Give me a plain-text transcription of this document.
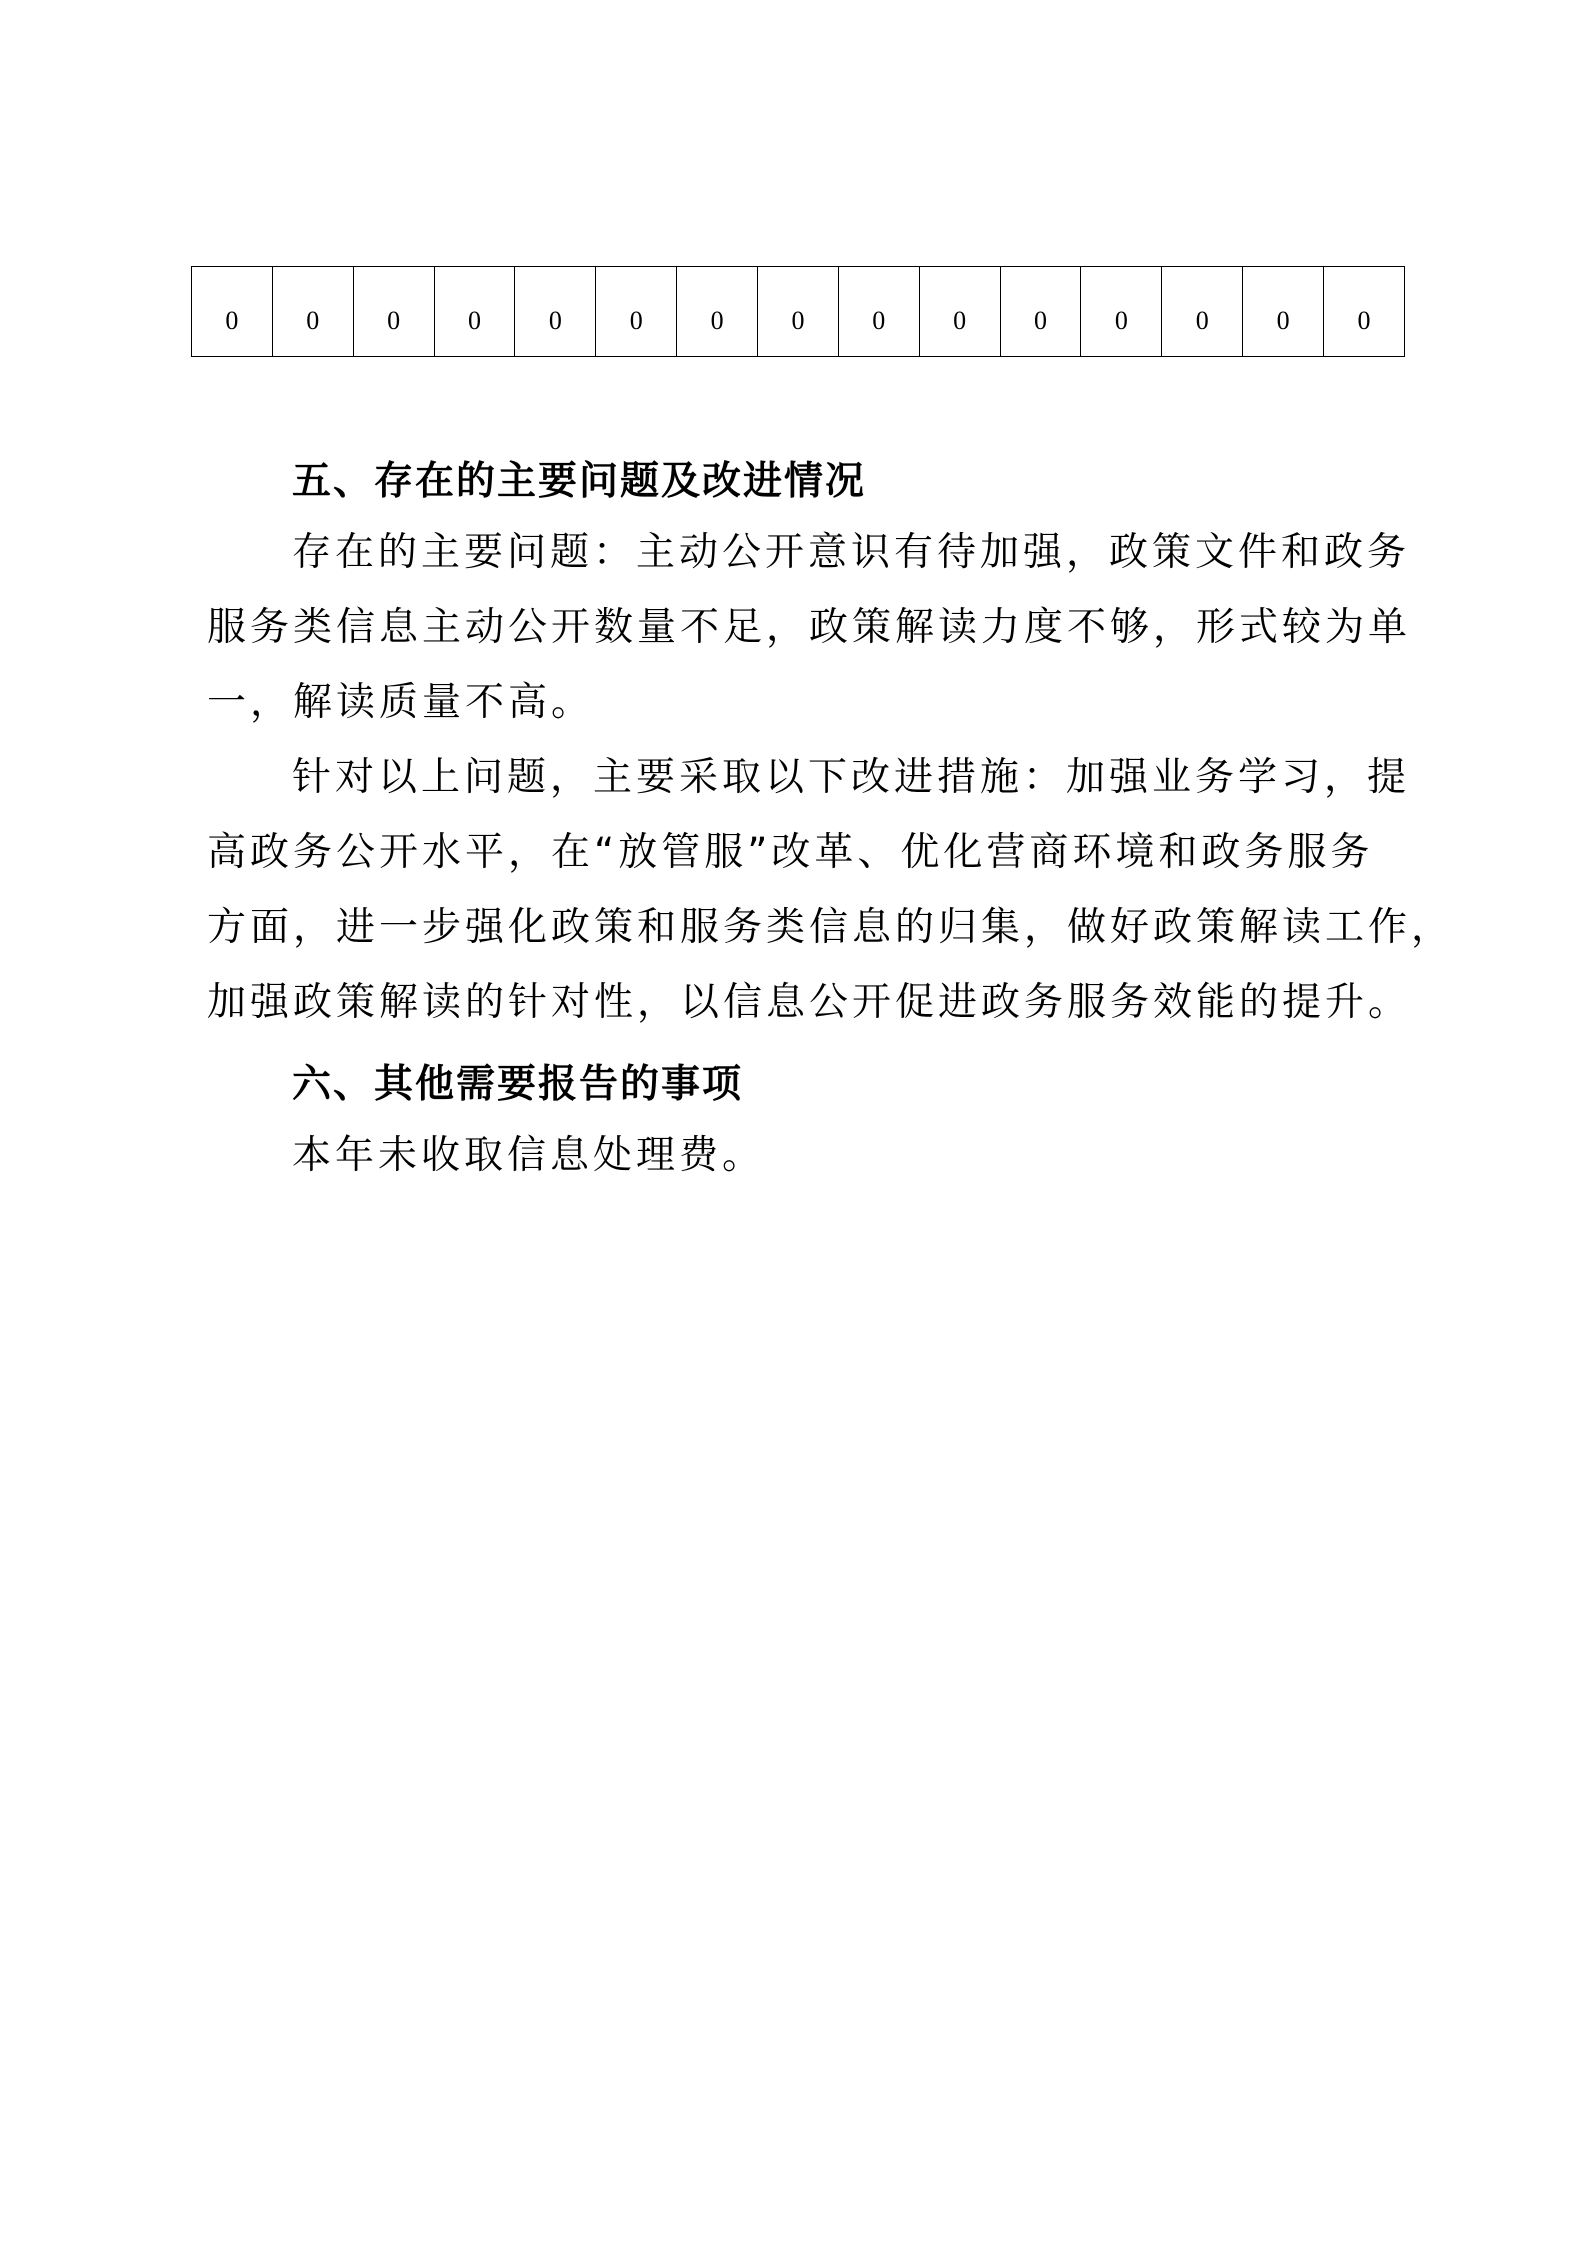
0	0	0	0	0	0	0	0	0	0	0	0	0	0	0
五、存在的主要问题及改进情况
存在的主要问题：主动公开意识有待加强，政策文件和政务
服务类信息主动公开数量不足，政策解读力度不够，形式较为单
一，解读质量不高。
针对以上问题，主要采取以下改进措施：加强业务学习，提
高政务公开水平，在“放管服”改革、优化营商环境和政务服务
方面，进一步强化政策和服务类信息的归集，做好政策解读工作，
加强政策解读的针对性，以信息公开促进政务服务效能的提升。
六、其他需要报告的事项
本年未收取信息处理费。
